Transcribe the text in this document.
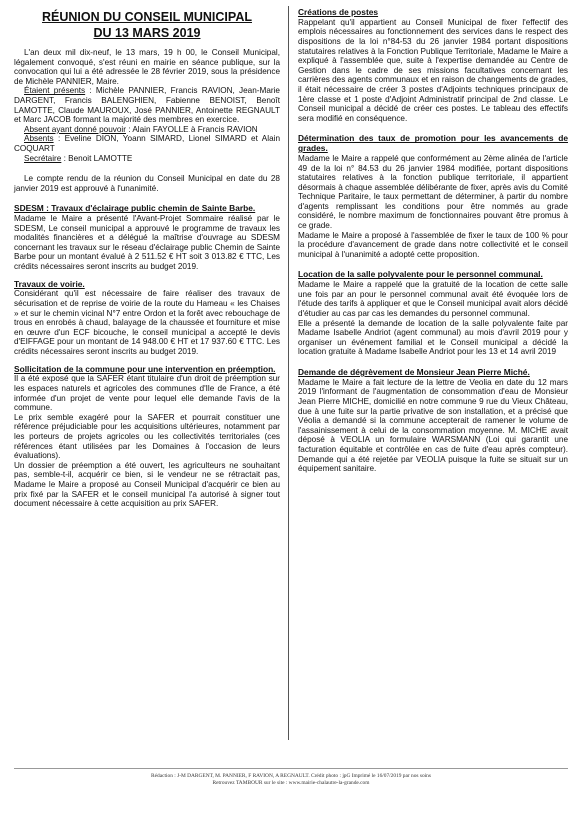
RÉUNION DU CONSEIL MUNICIPAL
DU 13 MARS 2019

L'an deux mil dix-neuf, le 13 mars, 19 h 00, le Conseil Municipal, légalement convoqué, s'est réuni en mairie en séance publique, sur la convocation qui lui a été adressée le 28 février 2019, sous la présidence de Michèle PANNIER, Maire.

Étaient présents : Michèle PANNIER, Francis RAVION, Jean-Marie DARGENT, Francis BALENGHIEN, Fabienne BENOIST, Benoît LAMOTTE, Claude MAUROUX, José PANNIER, Antoinette REGNAULT et Marc JACOB formant la majorité des membres en exercice.

Absent ayant donné pouvoir : Alain FAYOLLE à Francis RAVION

Absents : Eveline DION, Yoann SIMARD, Lionel SIMARD et Alain COQUART

Secrétaire : Benoit LAMOTTE

Le compte rendu de la réunion du Conseil Municipal en date du 28 janvier 2019 est approuvé à l'unanimité.

SDESM : Travaux d'éclairage public chemin de Sainte Barbe.

Madame le Maire a présenté l'Avant-Projet Sommaire réalisé par le SDESM, Le conseil municipal a approuvé le programme de travaux les modalités financières et a délégué la maîtrise d'ouvrage au SDESM concernant les travaux sur le réseau d'éclairage public Chemin de Sainte Barbe pour un montant évalué à 2 511.52 € HT soit 3 013.82 € TTC, Les crédits nécessaires seront inscrits au budget 2019.

Travaux de voirie.

Considérant qu'il est nécessaire de faire réaliser des travaux de sécurisation et de reprise de voirie de la route du Hameau « les Chaises » et sur le chemin vicinal N°7 entre Ordon et la forêt avec rebouchage de trous en enrobés à chaud, balayage de la chaussée et fourniture et mise en œuvre d'un ECF bicouche, le conseil municipal a accepté le devis d'EIFFAGE pour un montant de 14 948.00 € HT et 17 937.60 € TTC. Les crédits nécessaires seront inscrits au budget 2019.

Sollicitation de la commune pour une intervention en préemption.

Il a été exposé que la SAFER étant titulaire d'un droit de préemption sur les espaces naturels et agricoles des communes d'Ile de France, a été informée d'un projet de vente pour lequel elle demande l'avis de la commune.

Le prix semble exagéré pour la SAFER et pourrait constituer une référence préjudiciable pour les acquisitions ultérieures, notamment par les porteurs de projets agricoles ou les collectivités territoriales (ces références étant utilisées par les Domaines à l'occasion de leurs évaluations).

Un dossier de préemption a été ouvert, les agriculteurs ne souhaitant pas, semble-t-il, acquérir ce bien, si le vendeur ne se rétractait pas, Madame le Maire a proposé au Conseil Municipal d'acquérir ce bien au prix fixé par la SAFER et le conseil municipal l'a autorisé à signer tout document nécessaire à cette acquisition au prix SAFER.

Créations de postes

Rappelant qu'il appartient au Conseil Municipal de fixer l'effectif des emplois nécessaires au fonctionnement des services dans le respect des dispositions de la loi n°84-53 du 26 janvier 1984 portant dispositions statutaires relatives à la Fonction Publique Territoriale, Madame le Maire a expliqué à l'assemblée que, suite à l'expertise demandée au Centre de Gestion dans le cadre de ses missions facultatives concernant les carrières des agents communaux et en raison de changements de grades, il était nécessaire de créer 3 postes d'Adjoints techniques principaux de 1ère classe et 1 poste d'Adjoint Administratif principal de 2nd classe. Le Conseil municipal a décidé de créer ces postes. Le tableau des effectifs sera modifié en conséquence.

Détermination des taux de promotion pour les avancements de grades.

Madame le Maire a rappelé que conformément au 2ème alinéa de l'article 49 de la loi n° 84.53 du 26 janvier 1984 modifiée, portant dispositions statutaires relatives à la fonction publique territoriale, il appartient désormais à chaque assemblée délibérante de fixer, après avis du Comité Technique Paritaire, le taux permettant de déterminer, à partir du nombre d'agents remplissant les conditions pour être nommés au grade considéré, le nombre maximum de fonctionnaires pouvant être promus à ce grade.

Madame le Maire a proposé à l'assemblée de fixer le taux de 100 % pour la procédure d'avancement de grade dans notre collectivité et le conseil municipal à l'unanimité a adopté cette proposition.

Location de la salle polyvalente pour le personnel communal.

Madame le Maire a rappelé que la gratuité de la location de cette salle une fois par an pour le personnel communal avait été évoquée lors de l'étude des tarifs à appliquer et que le Conseil municipal avait alors décidé d'étudier au cas par cas les demandes du personnel communal.

Elle a présenté la demande de location de la salle polyvalente faite par Madame Isabelle Andriot (agent communal) au mois d'avril 2019 pour y organiser un événement familial et le Conseil municipal a décidé la location gratuite à Madame Isabelle Andriot pour les 13 et 14 avril 2019

Demande de dégrèvement de Monsieur Jean Pierre Miché.

Madame le Maire a fait lecture de la lettre de Veolia en date du 12 mars 2019 l'informant de l'augmentation de consommation d'eau de Monsieur Jean Pierre MICHE, domicilié en notre commune 9 rue du Vieux Château, due à une fuite sur la partie privative de son installation, et a précisé que Véolia a demandé si la commune accepterait de ramener le volume de l'assainissement à celui de la consommation moyenne. M. MICHE avait déposé à VEOLIA un formulaire WARSMANN (Loi qui garantit une facturation équitable et contrôlée en cas de fuite d'eau après compteur). Demande qui a été rejetée par VEOLIA puisque la fuite se situait sur un équipement sanitaire.

Rédaction : J-M DARGENT, M. PANNIER, F RAVION, A REGNAULT. Crédit photo : jpG Imprimé le 16/07/2019 par nos soins
Retrouvez TAMBOUR sur le site : www.mairie-chalautre-la-grande.com
